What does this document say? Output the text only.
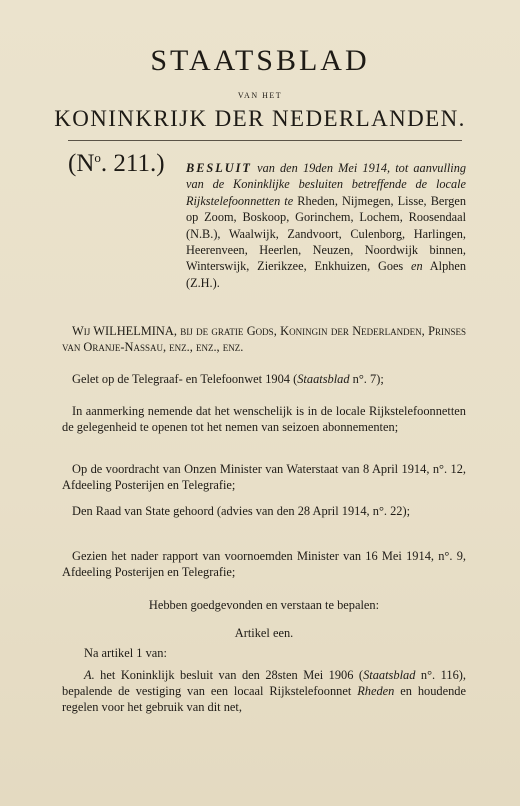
STAATSBLAD
VAN HET
KONINKRIJK DER NEDERLANDEN.
($N^o$. 211.) BESLUIT van den 19den Mei 1914, tot aanvulling van de Koninklijke besluiten betreffende de locale Rijkstelefoonnetten te Rheden, Nijmegen, Lisse, Bergen op Zoom, Boskoop, Gorinchem, Lochem, Roosendaal (N.B.), Waalwijk, Zandvoort, Culenborg, Harlingen, Heerenveen, Heerlen, Neuzen, Noordwijk binnen, Winterswijk, Zierikzee, Enkhuizen, Goes en Alphen (Z.H.).

Wij WILHELMINA, bij de gratie Gods, Koningin der Nederlanden, Prinses van Oranje-Nassau, enz., enz., enz.

Gelet op de Telegraaf- en Telefoonwet 1904 (Staatsblad n°. 7);

In aanmerking nemende dat het wenschelijk is in de locale Rijkstelefoonnetten de gelegenheid te openen tot het nemen van seizoen abonnementen;

Op de voordracht van Onzen Minister van Waterstaat van 8 April 1914, n°. 12, Afdeeling Posterijen en Telegrafie;

Den Raad van State gehoord (advies van den 28 April 1914, n°. 22);

Gezien het nader rapport van voornoemden Minister van 16 Mei 1914, n°. 9, Afdeeling Posterijen en Telegrafie;

Hebben goedgevonden en verstaan te bepalen:

Artikel een.

Na artikel 1 van:

A. het Koninklijk besluit van den 28sten Mei 1906 (Staatsblad n°. 116), bepalende de vestiging van een locaal Rijkstelefoonnet Rheden en houdende regelen voor het gebruik van dit net,
